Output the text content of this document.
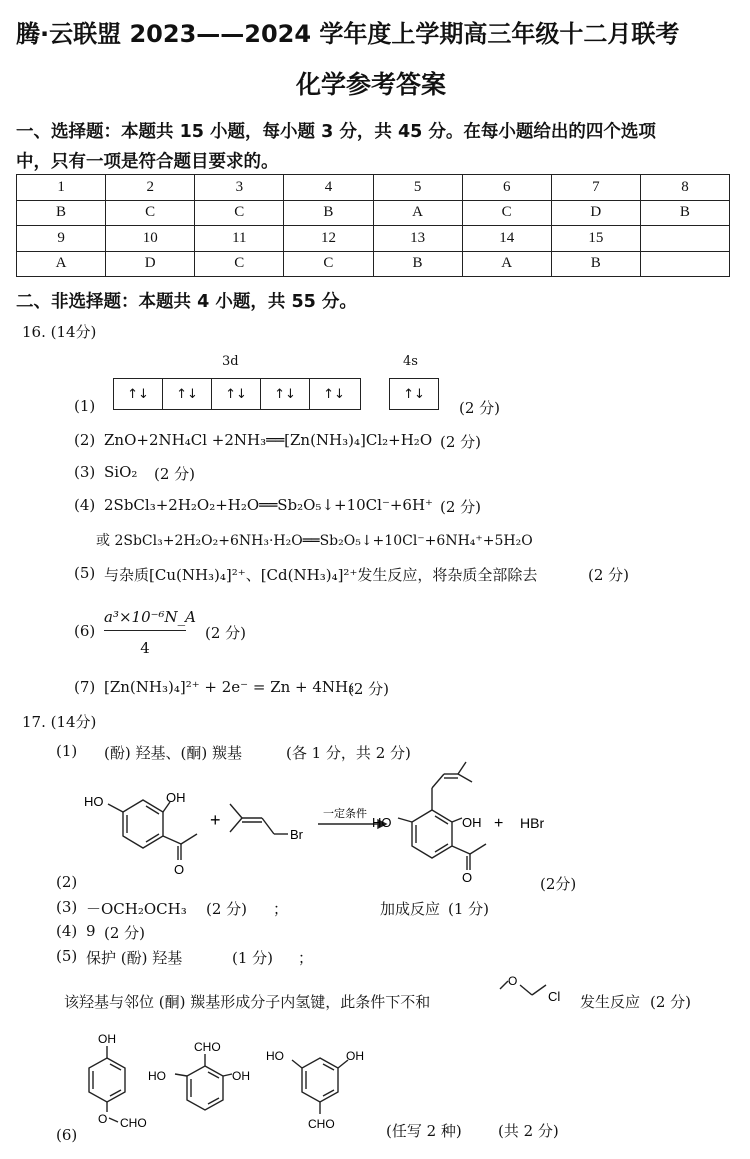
腾·云联盟 2023——2024 学年度上学期高三年级十二月联考
化学参考答案
一、选择题：本题共 15 小题，每小题 3 分，共 45 分。在每小题给出的四个选项
中，只有一项是符合题目要求的。
1	2	3	4	5	6	7	8
B	C	C	B	A	C	D	B
9	10	11	12	13	14	15	
A	D	C	C	B	A	B	
二、非选择题：本题共 4 小题，共 55 分。
16. (14分)
3d	4s
(1)
↑↓	↑↓	↑↓	↑↓	↑↓	↑↓
(2 分)
(2) ZnO+2NH₄Cl +2NH₃══[Zn(NH₃)₄]Cl₂+H₂O (2 分)
(3) SiO₂ (2 分)
(4) 2SbCl₃+2H₂O₂+H₂O══Sb₂O₅↓+10Cl⁻+6H⁺ (2 分)
或 2SbCl₃+2H₂O₂+6NH₃·H₂O══Sb₂O₅↓+10Cl⁻+6NH₄⁺+5H₂O
(5) 与杂质[Cu(NH₃)₄]²⁺、[Cd(NH₃)₄]²⁺发生反应，将杂质全部除去	(2 分)
$(6) \frac{\text{a³×10⁻⁶N\_A}}{4} (2$ 分)
(7) [Zn(NH₃)₄]²⁺ + 2e⁻ = Zn + 4NH₃
(2 分)
17. (14分)
(1) (酚) 羟基、(酮) 羰基	(各 1 分，共 2 分)
HO	OH
O
+
Br
一定条件
HO	OH
O
+ HBr
(2)	(2分)
(3) －OCH₂OCH₃ (2 分) ；	加成反应 (1 分)
(4) 9 (2 分)
(5) 保护 (酚) 羟基	(1 分) ；
该羟基与邻位 (酮) 羰基形成分子内氢键，此条件下不和
O
Cl 发生反应 (2 分)
OH
O CHO
CHO
HO	OH
HO	OH
CHO
(6)	(任写 2 种) (共 2 分)
